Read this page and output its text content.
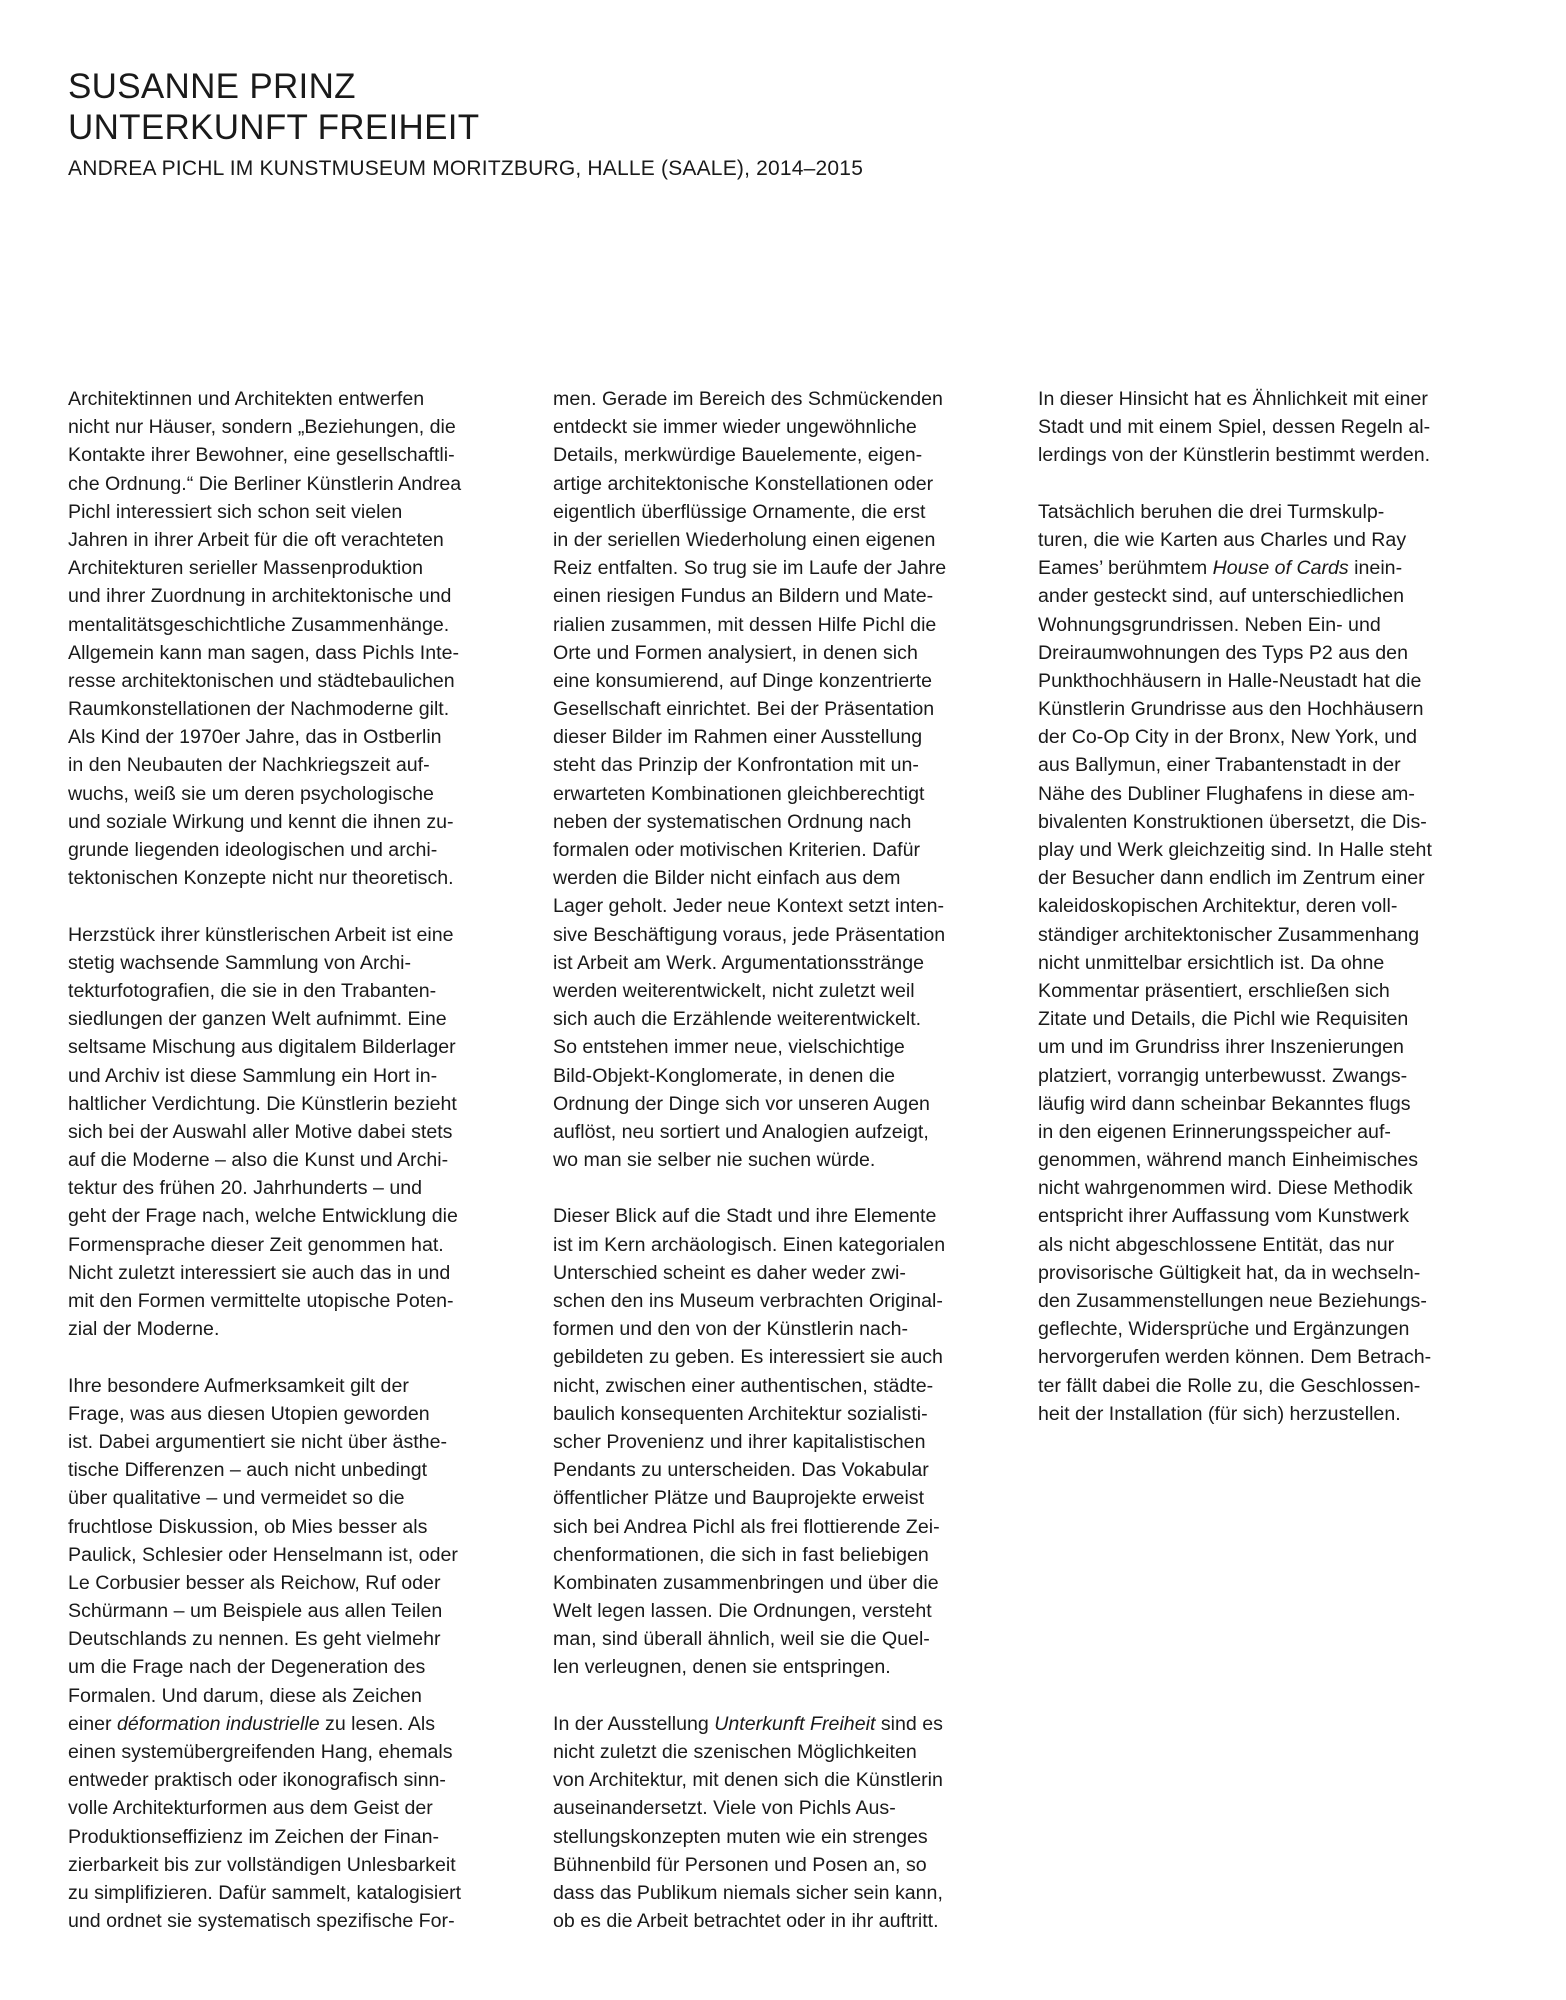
SUSANNE PRINZ
UNTERKUNFT FREIHEIT

ANDREA PICHL IM KUNSTMUSEUM MORITZBURG, HALLE (SAALE), 2014–2015

Architektinnen und Architekten entwerfen
nicht nur Häuser, sondern „Beziehungen, die
Kontakte ihrer Bewohner, eine gesellschaftli-
che Ordnung.“ Die Berliner Künstlerin Andrea
Pichl interessiert sich schon seit vielen
Jahren in ihrer Arbeit für die oft verachteten
Architekturen serieller Massenproduktion
und ihrer Zuordnung in architektonische und
mentalitätsgeschichtliche Zusammenhänge.
Allgemein kann man sagen, dass Pichls Inte-
resse architektonischen und städtebaulichen
Raumkonstellationen der Nachmoderne gilt.
Als Kind der 1970er Jahre, das in Ostberlin
in den Neubauten der Nachkriegszeit auf-
wuchs, weiß sie um deren psychologische
und soziale Wirkung und kennt die ihnen zu-
grunde liegenden ideologischen und archi-
tektonischen Konzepte nicht nur theoretisch.
Herzstück ihrer künstlerischen Arbeit ist eine
stetig wachsende Sammlung von Archi-
tekturfotografien, die sie in den Trabanten-
siedlungen der ganzen Welt aufnimmt. Eine
seltsame Mischung aus digitalem Bilderlager
und Archiv ist diese Sammlung ein Hort in-
haltlicher Verdichtung. Die Künstlerin bezieht
sich bei der Auswahl aller Motive dabei stets
auf die Moderne – also die Kunst und Archi-
tektur des frühen 20. Jahrhunderts – und
geht der Frage nach, welche Entwicklung die
Formensprache dieser Zeit genommen hat.
Nicht zuletzt interessiert sie auch das in und
mit den Formen vermittelte utopische Poten-
zial der Moderne.
Ihre besondere Aufmerksamkeit gilt der
Frage, was aus diesen Utopien geworden
ist. Dabei argumentiert sie nicht über ästhe-
tische Differenzen – auch nicht unbedingt
über qualitative – und vermeidet so die
fruchtlose Diskussion, ob Mies besser als
Paulick, Schlesier oder Henselmann ist, oder
Le Corbusier besser als Reichow, Ruf oder
Schürmann – um Beispiele aus allen Teilen
Deutschlands zu nennen. Es geht vielmehr
um die Frage nach der Degeneration des
Formalen. Und darum, diese als Zeichen
einer déformation industrielle zu lesen. Als
einen systemübergreifenden Hang, ehemals
entweder praktisch oder ikonografisch sinn-
volle Architekturformen aus dem Geist der
Produktionseffizienz im Zeichen der Finan-
zierbarkeit bis zur vollständigen Unlesbarkeit
zu simplifizieren. Dafür sammelt, katalogisiert
und ordnet sie systematisch spezifische For-
men. Gerade im Bereich des Schmückenden
entdeckt sie immer wieder ungewöhnliche
Details, merkwürdige Bauelemente, eigen-
artige architektonische Konstellationen oder
eigentlich überflüssige Ornamente, die erst
in der seriellen Wiederholung einen eigenen
Reiz entfalten. So trug sie im Laufe der Jahre
einen riesigen Fundus an Bildern und Mate-
rialien zusammen, mit dessen Hilfe Pichl die
Orte und Formen analysiert, in denen sich
eine konsumierend, auf Dinge konzentrierte
Gesellschaft einrichtet. Bei der Präsentation
dieser Bilder im Rahmen einer Ausstellung
steht das Prinzip der Konfrontation mit un-
erwarteten Kombinationen gleichberechtigt
neben der systematischen Ordnung nach
formalen oder motivischen Kriterien. Dafür
werden die Bilder nicht einfach aus dem
Lager geholt. Jeder neue Kontext setzt inten-
sive Beschäftigung voraus, jede Präsentation
ist Arbeit am Werk. Argumentationsstränge
werden weiterentwickelt, nicht zuletzt weil
sich auch die Erzählende weiterentwickelt.
So entstehen immer neue, vielschichtige
Bild-Objekt-Konglomerate, in denen die
Ordnung der Dinge sich vor unseren Augen
auflöst, neu sortiert und Analogien aufzeigt,
wo man sie selber nie suchen würde.
Dieser Blick auf die Stadt und ihre Elemente
ist im Kern archäologisch. Einen kategorialen
Unterschied scheint es daher weder zwi-
schen den ins Museum verbrachten Original-
formen und den von der Künstlerin nach-
gebildeten zu geben. Es interessiert sie auch
nicht, zwischen einer authentischen, städte-
baulich konsequenten Architektur sozialisti-
scher Provenienz und ihrer kapitalistischen
Pendants zu unterscheiden. Das Vokabular
öffentlicher Plätze und Bauprojekte erweist
sich bei Andrea Pichl als frei flottierende Zei-
chenformationen, die sich in fast beliebigen
Kombinaten zusammenbringen und über die
Welt legen lassen. Die Ordnungen, versteht
man, sind überall ähnlich, weil sie die Quel-
len verleugnen, denen sie entspringen.
In der Ausstellung Unterkunft Freiheit sind es
nicht zuletzt die szenischen Möglichkeiten
von Architektur, mit denen sich die Künstlerin
auseinandersetzt. Viele von Pichls Aus-
stellungskonzepten muten wie ein strenges
Bühnenbild für Personen und Posen an, so
dass das Publikum niemals sicher sein kann,
ob es die Arbeit betrachtet oder in ihr auftritt.
In dieser Hinsicht hat es Ähnlichkeit mit einer
Stadt und mit einem Spiel, dessen Regeln al-
lerdings von der Künstlerin bestimmt werden.
Tatsächlich beruhen die drei Turmskulp-
turen, die wie Karten aus Charles und Ray
Eames’ berühmtem House of Cards inein-
ander gesteckt sind, auf unterschiedlichen
Wohnungsgrundrissen. Neben Ein- und
Dreiraumwohnungen des Typs P2 aus den
Punkthochhäusern in Halle-Neustadt hat die
Künstlerin Grundrisse aus den Hochhäusern
der Co-Op City in der Bronx, New York, und
aus Ballymun, einer Trabantenstadt in der
Nähe des Dubliner Flughafens in diese am-
bivalenten Konstruktionen übersetzt, die Dis-
play und Werk gleichzeitig sind. In Halle steht
der Besucher dann endlich im Zentrum einer
kaleidoskopischen Architektur, deren voll-
ständiger architektonischer Zusammenhang
nicht unmittelbar ersichtlich ist. Da ohne
Kommentar präsentiert, erschließen sich
Zitate und Details, die Pichl wie Requisiten
um und im Grundriss ihrer Inszenierungen
platziert, vorrangig unterbewusst. Zwangs-
läufig wird dann scheinbar Bekanntes flugs
in den eigenen Erinnerungsspeicher auf-
genommen, während manch Einheimisches
nicht wahrgenommen wird. Diese Methodik
entspricht ihrer Auffassung vom Kunstwerk
als nicht abgeschlossene Entität, das nur
provisorische Gültigkeit hat, da in wechseln-
den Zusammenstellungen neue Beziehungs-
geflechte, Widersprüche und Ergänzungen
hervorgerufen werden können. Dem Betrach-
ter fällt dabei die Rolle zu, die Geschlossen-
heit der Installation (für sich) herzustellen.
